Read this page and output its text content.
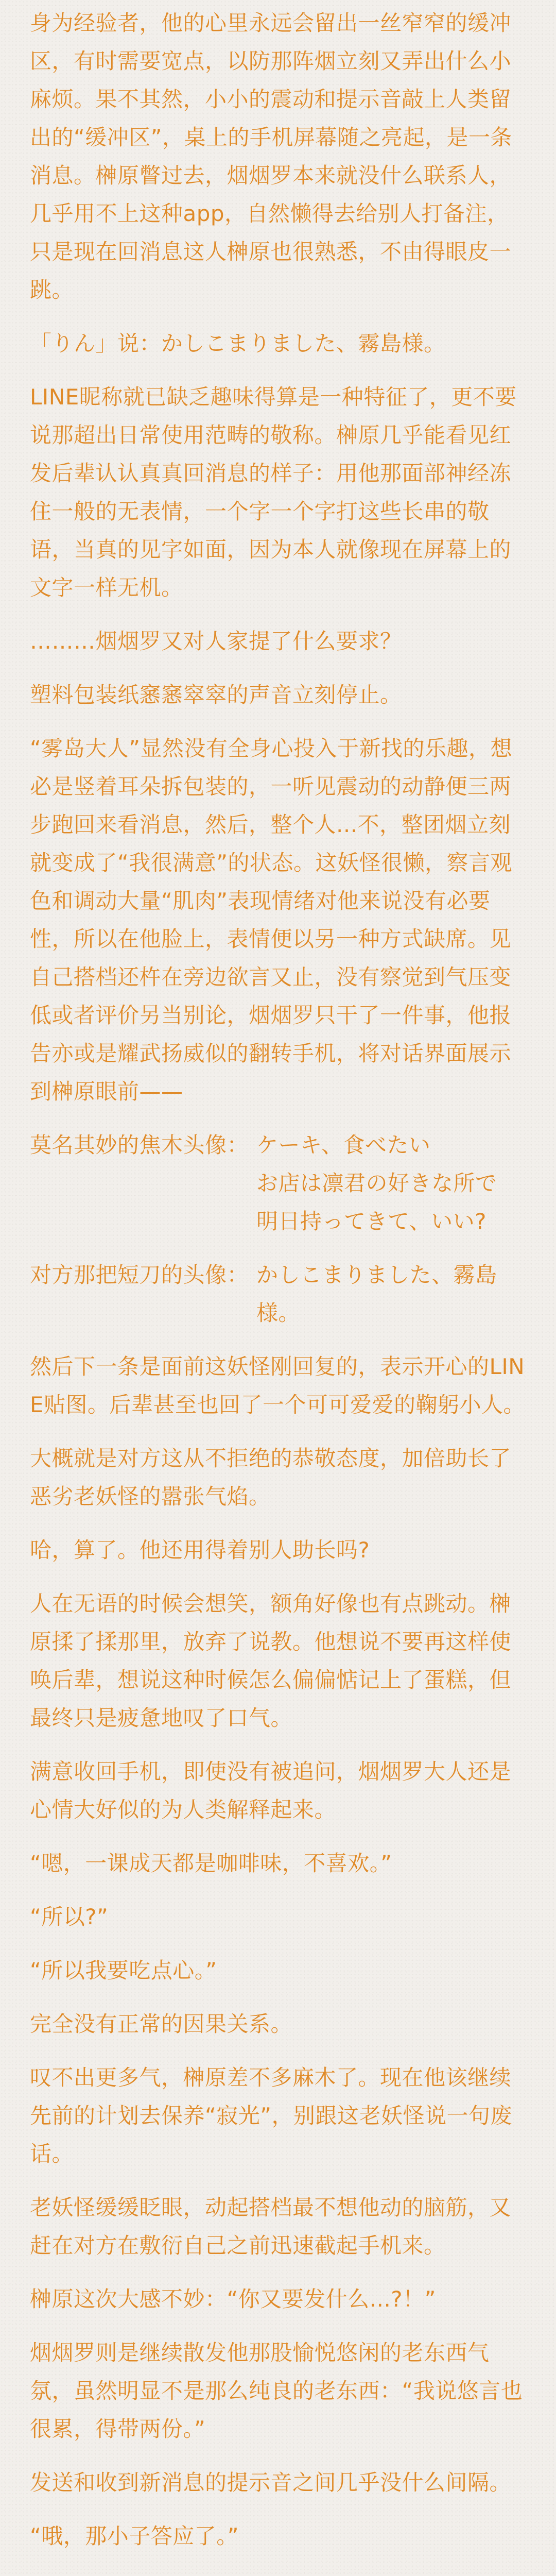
身为经验者，他的心里永远会留出一丝窄窄的缓冲区，有时需要宽点，以防那阵烟立刻又弄出什么小麻烦。果不其然，小小的震动和提示音敲上人类留出的“缓冲区”，桌上的手机屏幕随之亮起，是一条消息。榊原瞥过去，烟烟罗本来就没什么联系人，几乎用不上这种app，自然懒得去给别人打备注，只是现在回消息这人榊原也很熟悉，不由得眼皮一跳。

「りん」说：かしこまりました、霧島様。

LINE昵称就已缺乏趣味得算是一种特征了，更不要说那超出日常使用范畴的敬称。榊原几乎能看见红发后辈认认真真回消息的样子：用他那面部神经冻住一般的无表情，一个字一个字打这些长串的敬语，当真的见字如面，因为本人就像现在屏幕上的文字一样无机。

………烟烟罗又对人家提了什么要求？

塑料包装纸窸窸窣窣的声音立刻停止。

“雾岛大人”显然没有全身心投入于新找的乐趣，想必是竖着耳朵拆包装的，一听见震动的动静便三两步跑回来看消息，然后，整个人...不，整团烟立刻就变成了“我很满意”的状态。这妖怪很懒，察言观色和调动大量“肌肉”表现情绪对他来说没有必要性，所以在他脸上，表情便以另一种方式缺席。见自己搭档还杵在旁边欲言又止，没有察觉到气压变低或者评价另当别论，烟烟罗只干了一件事，他报告亦或是耀武扬威似的翻转手机，将对话界面展示到榊原眼前——

莫名其妙的焦木头像： ケーキ、食べたい
お店は凛君の好きな所で
明日持ってきて、いい?
对方那把短刀的头像： かしこまりました、霧島
様。

然后下一条是面前这妖怪刚回复的，表示开心的LINE贴图。后辈甚至也回了一个可可爱爱的鞠躬小人。

大概就是对方这从不拒绝的恭敬态度，加倍助长了恶劣老妖怪的嚣张气焰。

哈，算了。他还用得着别人助长吗?

人在无语的时候会想笑，额角好像也有点跳动。榊原揉了揉那里，放弃了说教。他想说不要再这样使唤后辈，想说这种时候怎么偏偏惦记上了蛋糕，但最终只是疲惫地叹了口气。

满意收回手机，即使没有被追问，烟烟罗大人还是心情大好似的为人类解释起来。

“嗯，一课成天都是咖啡味，不喜欢。”

“所以?”

“所以我要吃点心。”

完全没有正常的因果关系。

叹不出更多气，榊原差不多麻木了。现在他该继续先前的计划去保养“寂光”，别跟这老妖怪说一句废话。

老妖怪缓缓眨眼，动起搭档最不想他动的脑筋，又赶在对方在敷衍自己之前迅速截起手机来。

榊原这次大感不妙：“你又要发什么...?！”

烟烟罗则是继续散发他那股愉悦悠闲的老东西气氛，虽然明显不是那么纯良的老东西：“我说悠言也很累，得带两份。”

发送和收到新消息的提示音之间几乎没什么间隔。

“哦，那小子答应了。”
